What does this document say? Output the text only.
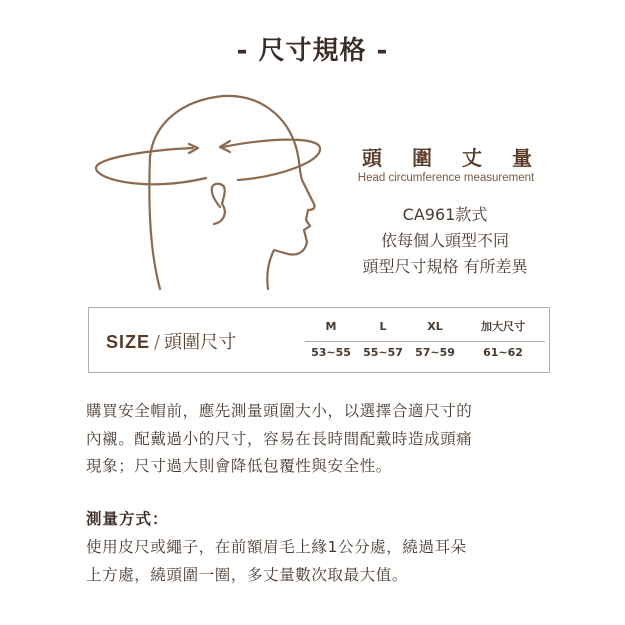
- 尺寸規格 -
頭 圍 丈 量
Head circumference measurement
CA961款式
依每個人頭型不同
頭型尺寸規格 有所差異
SIZE / 頭圍尺寸
M	L	XL	加大尺寸
53~55	55~57	57~59	61~62
購買安全帽前，應先測量頭圍大小，以選擇合適尺寸的
內襯。配戴過小的尺寸，容易在長時間配戴時造成頭痛
現象；尺寸過大則會降低包覆性與安全性。
測量方式：
使用皮尺或繩子，在前額眉毛上緣1公分處，繞過耳朵
上方處，繞頭圍一圈，多丈量數次取最大值。
